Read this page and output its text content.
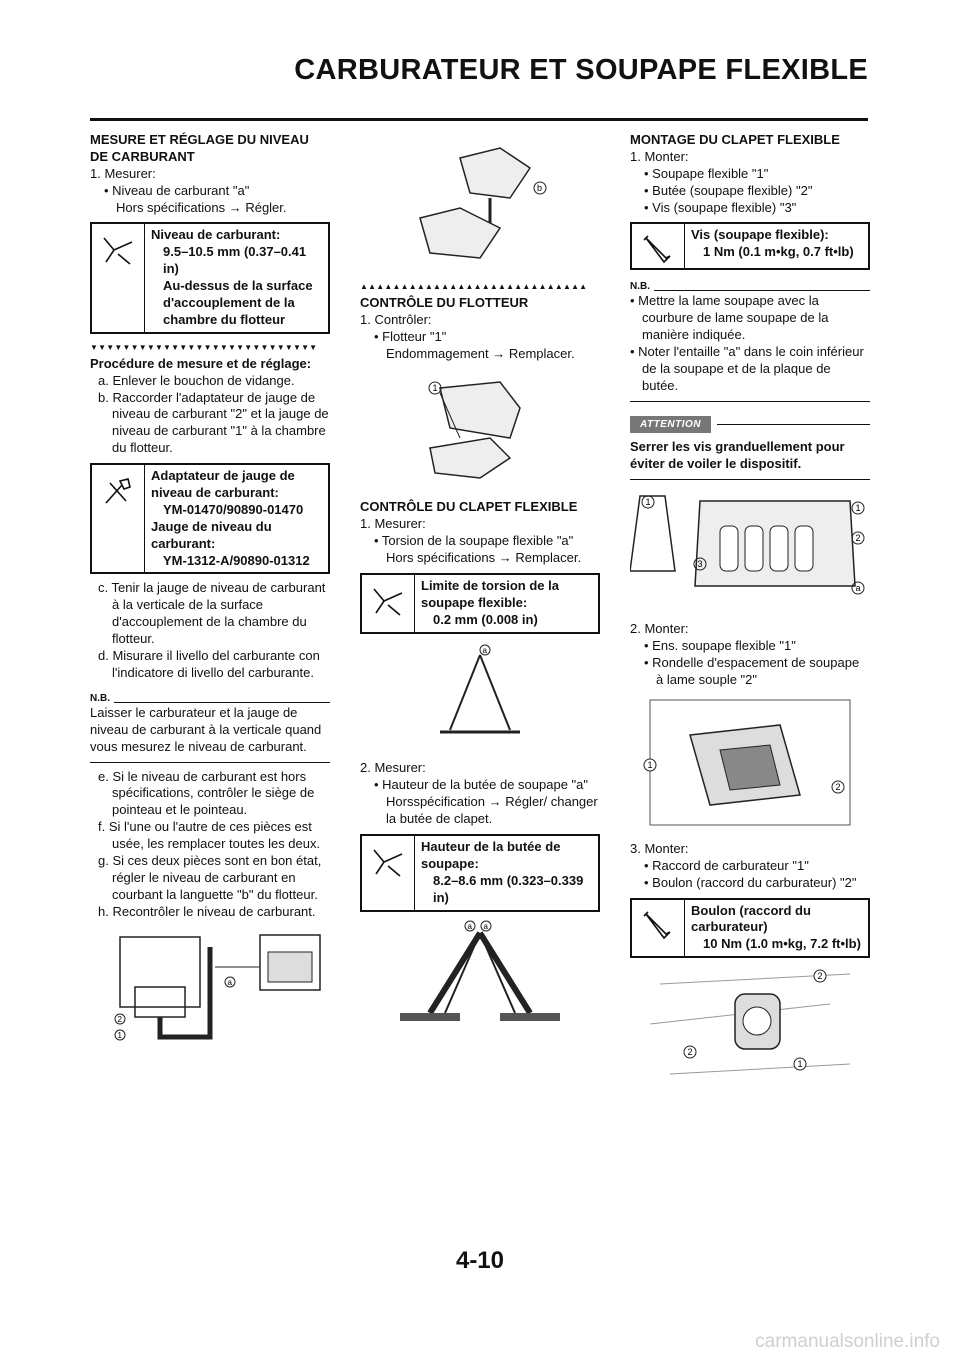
CARBURATEUR ET SOUPAPE FLEXIBLE

MESURE ET RÉGLAGE DU NIVEAU DE CARBURANT

1. Mesurer:

• Niveau de carburant "a"

Hors spécifications → Régler.

Niveau de carburant:
9.5–10.5 mm (0.37–0.41 in)
Au-dessus de la surface d'accouplement de la chambre du flotteur
▼▼▼▼▼▼▼▼▼▼▼▼▼▼▼▼▼▼▼▼▼▼▼▼▼▼▼▼

Procédure de mesure et de réglage:

a. Enlever le bouchon de vidange.

b. Raccorder l'adaptateur de jauge de niveau de carburant "2" et la jauge de niveau de carburant "1" à la chambre du flotteur.

Adaptateur de jauge de niveau de carburant:
YM-01470/90890-01470
Jauge de niveau du carburant:
YM-1312-A/90890-01312

c. Tenir la jauge de niveau de carburant à la verticale de la surface d'accouplement de la chambre du flotteur.

d. Misurare il livello del carburante con l'indicatore di livello del carburante.

N.B.

Laisser le carburateur et la jauge de niveau de carburant à la verticale quand vous mesurez le niveau de carburant.

e. Si le niveau de carburant est hors spécifications, contrôler le siège de pointeau et le pointeau.

f. Si l'une ou l'autre de ces pièces est usée, les remplacer toutes les deux.

g. Si ces deux pièces sont en bon état, régler le niveau de carburant en courbant la languette "b" du flotteur.

h. Recontrôler le niveau de carburant.

a
2
1
b
▲▲▲▲▲▲▲▲▲▲▲▲▲▲▲▲▲▲▲▲▲▲▲▲▲▲▲▲

CONTRÔLE DU FLOTTEUR

1. Contrôler:

• Flotteur "1"

Endommagement → Remplacer.

1

CONTRÔLE DU CLAPET FLEXIBLE

1. Mesurer:

• Torsion de la soupape flexible "a"

Hors spécifications → Remplacer.

Limite de torsion de la soupape flexible:
0.2 mm (0.008 in)
a

2. Mesurer:

• Hauteur de la butée de soupape "a"

Horsspécification → Régler/ changer la butée de clapet.

Hauteur de la butée de soupape:
8.2–8.6 mm (0.323–0.339 in)
a a

MONTAGE DU CLAPET FLEXIBLE

1. Monter:

• Soupape flexible "1"

• Butée (soupape flexible) "2"

• Vis (soupape flexible) "3"

Vis (soupape flexible):
1 Nm (0.1 m•kg, 0.7 ft•lb)
N.B.

• Mettre la lame soupape avec la courbure de lame soupape de la manière indiquée.

• Noter l'entaille "a" dans le coin inférieur de la soupape et de la plaque de butée.

ATTENTION

Serrer les vis granduellement pour éviter de voiler le dispositif.

1
1
2
3
a

2. Monter:

• Ens. soupape flexible "1"

• Rondelle d'espacement de soupape à lame souple "2"

1
2

3. Monter:

• Raccord de carburateur "1"

• Boulon (raccord du carburateur) "2"

Boulon (raccord du carburateur)
10 Nm (1.0 m•kg, 7.2 ft•lb)
2
2
1
4-10
carmanualsonline.info
